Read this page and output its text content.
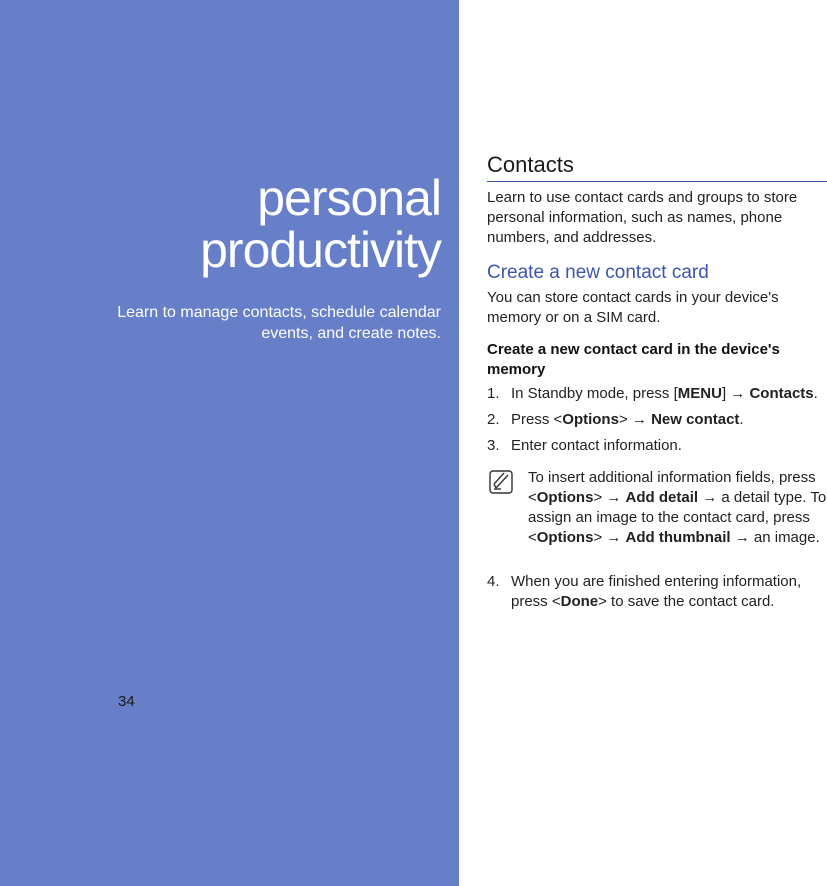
personal
productivity
Learn to manage contacts, schedule calendar events, and create notes.
34
Contacts

Learn to use contact cards and groups to store personal information, such as names, phone numbers, and addresses.

Create a new contact card

You can store contact cards in your device's memory or on a SIM card.

Create a new contact card in the device's memory

1. In Standby mode, press [MENU] → Contacts.
2. Press <Options> → New contact.
3. Enter contact information.
To insert additional information fields, press <Options> → Add detail → a detail type. To assign an image to the contact card, press <Options> → Add thumbnail → an image.
4. When you are finished entering information, press <Done> to save the contact card.
